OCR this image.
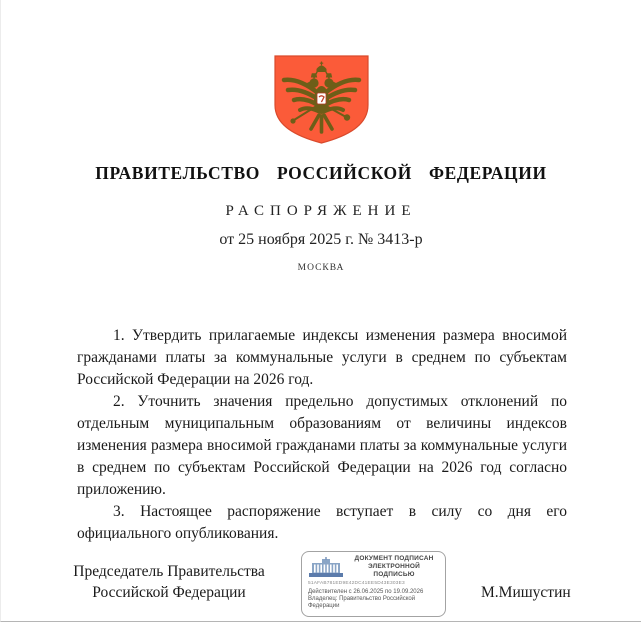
ПРАВИТЕЛЬСТВО РОССИЙСКОЙ ФЕДЕРАЦИИ
РАСПОРЯЖЕНИЕ
от 25 ноября 2025 г. № 3413-р
МОСКВА

1. Утвердить прилагаемые индексы изменения размера вносимой гражданами платы за коммунальные услуги в среднем по субъектам Российской Федерации на 2026 год.

2. Уточнить значения предельно допустимых отклонений по отдельным муниципальным образованиям от величины индексов изменения размера вносимой гражданами платы за коммунальные услуги в среднем по субъектам Российской Федерации на 2026 год согласно приложению.

3. Настоящее распоряжение вступает в силу со дня его официального опубликования.

Председатель Правительства
Российской Федерации
ДОКУМЕНТ ПОДПИСАН
ЭЛЕКТРОННОЙ ПОДПИСЬЮ
51AFAB781ED9E42DC41EE5D43E303E3
Действителен с 26.06.2025 по 19.09.2026
Владелец: Правительство Российской
Федерации
М.Мишустин
